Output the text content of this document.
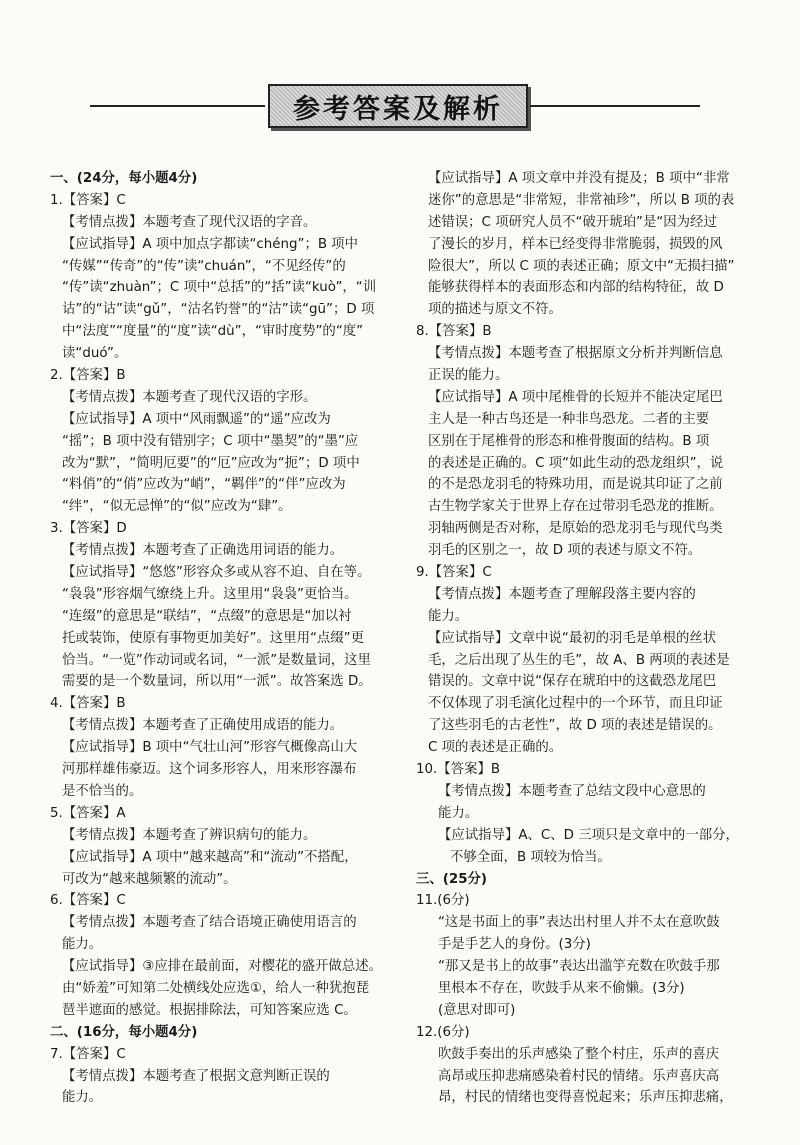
参考答案及解析
一、(24分，每小题4分)
1.【答案】C
【考情点拨】本题考查了现代汉语的字音。
【应试指导】A 项中加点字都读“chéng”；B 项中
“传媒”“传奇”的“传”读“chuán”，“不见经传”的
“传”读“zhuàn”；C 项中“总括”的“括”读“kuò”，“训
诂”的“诂”读“gǔ”，“沽名钓誉”的“沽”读“gū”；D 项
中“法度”“度量”的“度”读“dù”，“审时度势”的“度”
读“duó”。
2.【答案】B
【考情点拨】本题考查了现代汉语的字形。
【应试指导】A 项中“风雨飘遥”的“遥”应改为
“摇”；B 项中没有错别字；C 项中“墨契”的“墨”应
改为“默”，“简明厄要”的“厄”应改为“扼”；D 项中
“料俏”的“俏”应改为“峭”，“羁伴”的“伴”应改为
“绊”，“似无忌惮”的“似”应改为“肆”。
3.【答案】D
【考情点拨】本题考查了正确选用词语的能力。
【应试指导】“悠悠”形容众多或从容不迫、自在等。
“袅袅”形容烟气缭绕上升。这里用“袅袅”更恰当。
“连缀”的意思是“联结”，“点缀”的意思是“加以衬
托或装饰，使原有事物更加美好”。这里用“点缀”更
恰当。“一览”作动词或名词，“一派”是数量词，这里
需要的是一个数量词，所以用“一派”。故答案选 D。
4.【答案】B
【考情点拨】本题考查了正确使用成语的能力。
【应试指导】B 项中“气壮山河”形容气概像高山大
河那样雄伟豪迈。这个词多形容人，用来形容瀑布
是不恰当的。
5.【答案】A
【考情点拨】本题考查了辨识病句的能力。
【应试指导】A 项中“越来越高”和“流动”不搭配，
可改为“越来越频繁的流动”。
6.【答案】C
【考情点拨】本题考查了结合语境正确使用语言的
能力。
【应试指导】③应排在最前面，对樱花的盛开做总述。
由“娇羞”可知第二处横线处应选①，给人一种犹抱琵
琶半遮面的感觉。根据排除法，可知答案应选 C。
二、(16分，每小题4分)
7.【答案】C
【考情点拨】本题考查了根据文意判断正误的
能力。
【应试指导】A 项文章中并没有提及；B 项中“非常
迷你”的意思是“非常短，非常袖珍”，所以 B 项的表
述错误；C 项研究人员不“破开琥珀”是“因为经过
了漫长的岁月，样本已经变得非常脆弱，损毁的风
险很大”，所以 C 项的表述正确；原文中“无损扫描”
能够获得样本的表面形态和内部的结构特征，故 D
项的描述与原文不符。
8.【答案】B
【考情点拨】本题考查了根据原文分析并判断信息
正误的能力。
【应试指导】A 项中尾椎骨的长短并不能决定尾巴
主人是一种古鸟还是一种非鸟恐龙。二者的主要
区别在于尾椎骨的形态和椎骨腹面的结构。B 项
的表述是正确的。C 项“如此生动的恐龙组织”，说
的不是恐龙羽毛的特殊功用，而是说其印证了之前
古生物学家关于世界上存在过带羽毛恐龙的推断。
羽轴两侧是否对称，是原始的恐龙羽毛与现代鸟类
羽毛的区别之一，故 D 项的表述与原文不符。
9.【答案】C
【考情点拨】本题考查了理解段落主要内容的
能力。
【应试指导】文章中说“最初的羽毛是单根的丝状
毛，之后出现了丛生的毛”，故 A、B 两项的表述是
错误的。文章中说“保存在琥珀中的这截恐龙尾巴
不仅体现了羽毛演化过程中的一个环节，而且印证
了这些羽毛的古老性”，故 D 项的表述是错误的。
C 项的表述是正确的。
10.【答案】B
【考情点拨】本题考查了总结文段中心意思的
能力。
【应试指导】A、C、D 三项只是文章中的一部分，
不够全面，B 项较为恰当。
三、(25分)
11.(6分)
“这是书面上的事”表达出村里人并不太在意吹鼓
手是手艺人的身份。(3分)
“那又是书上的故事”表达出滥竽充数在吹鼓手那
里根本不存在，吹鼓手从来不偷懒。(3分)
(意思对即可)
12.(6分)
吹鼓手奏出的乐声感染了整个村庄，乐声的喜庆
高昂或压抑悲痛感染着村民的情绪。乐声喜庆高
昂，村民的情绪也变得喜悦起来；乐声压抑悲痛，
